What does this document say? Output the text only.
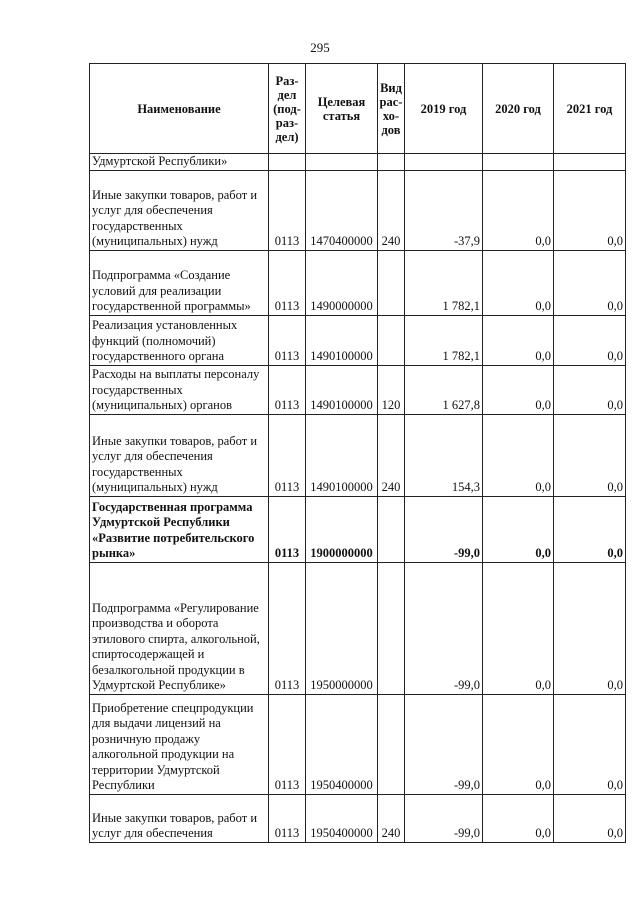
295
Наименование	Раз-дел (под-раз-дел)	Целевая статья	Вид рас-хо-дов	2019 год	2020 год	2021 год
Удмуртской Республики»						
Иные закупки товаров, работ и услуг для обеспечения государственных (муниципальных) нужд	0113	1470400000	240	-37,9	0,0	0,0
Подпрограмма «Создание условий для реализации государственной программы»	0113	1490000000		1 782,1	0,0	0,0
Реализация установленных функций (полномочий) государственного органа	0113	1490100000		1 782,1	0,0	0,0
Расходы на выплаты персоналу государственных (муниципальных) органов	0113	1490100000	120	1 627,8	0,0	0,0
Иные закупки товаров, работ и услуг для обеспечения государственных (муниципальных) нужд	0113	1490100000	240	154,3	0,0	0,0
Государственная программа Удмуртской Республики «Развитие потребительского рынка»	0113	1900000000		-99,0	0,0	0,0
Подпрограмма «Регулирование производства и оборота этилового спирта, алкогольной, спиртосодержащей и безалкогольной продукции в Удмуртской Республике»	0113	1950000000		-99,0	0,0	0,0
Приобретение спецпродукции для выдачи лицензий на розничную продажу алкогольной продукции на территории Удмуртской Республики	0113	1950400000		-99,0	0,0	0,0
Иные закупки товаров, работ и услуг для обеспечения	0113	1950400000	240	-99,0	0,0	0,0
